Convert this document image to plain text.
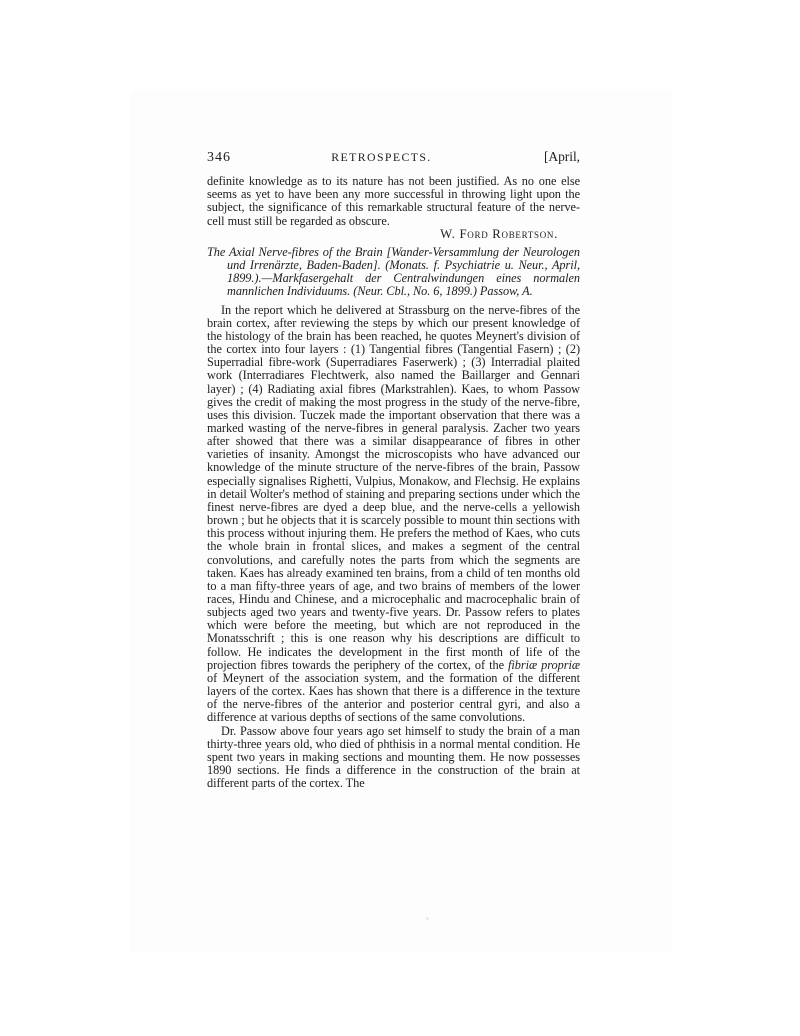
346	RETROSPECTS.	[April,

definite knowledge as to its nature has not been justified. As no one else seems as yet to have been any more successful in throwing light upon the subject, the significance of this remarkable structural feature of the nerve-cell must still be regarded as obscure.

W. Ford Robertson.

The Axial Nerve-fibres of the Brain [Wander-Versammlung der Neurologen und Irrenärzte, Baden-Baden]. (Monats. f. Psychiatrie u. Neur., April, 1899.).—Markfasergehalt der Centralwindungen eines normalen mannlichen Individuums. (Neur. Cbl., No. 6, 1899.) Passow, A.

In the report which he delivered at Strassburg on the nerve-fibres of the brain cortex, after reviewing the steps by which our present knowledge of the histology of the brain has been reached, he quotes Meynert's division of the cortex into four layers : (1) Tangential fibres (Tangential Fasern) ; (2) Superradial fibre-work (Superradiares Faserwerk) ; (3) Interradial plaited work (Interradiares Flechtwerk, also named the Baillarger and Gennari layer) ; (4) Radiating axial fibres (Markstrahlen). Kaes, to whom Passow gives the credit of making the most progress in the study of the nerve-fibre, uses this division. Tuczek made the important observation that there was a marked wasting of the nerve-fibres in general paralysis. Zacher two years after showed that there was a similar disappearance of fibres in other varieties of insanity. Amongst the microscopists who have advanced our knowledge of the minute structure of the nerve-fibres of the brain, Passow especially signalises Righetti, Vulpius, Monakow, and Flechsig. He explains in detail Wolter's method of staining and preparing sections under which the finest nerve-fibres are dyed a deep blue, and the nerve-cells a yellowish brown ; but he objects that it is scarcely possible to mount thin sections with this process without injuring them. He prefers the method of Kaes, who cuts the whole brain in frontal slices, and makes a segment of the central convolutions, and carefully notes the parts from which the segments are taken. Kaes has already examined ten brains, from a child of ten months old to a man fifty-three years of age, and two brains of members of the lower races, Hindu and Chinese, and a microcephalic and macrocephalic brain of subjects aged two years and twenty-five years. Dr. Passow refers to plates which were before the meeting, but which are not reproduced in the Monatsschrift ; this is one reason why his descriptions are difficult to follow. He indicates the development in the first month of life of the projection fibres towards the periphery of the cortex, of the fibriæ propriæ of Meynert of the association system, and the formation of the different layers of the cortex. Kaes has shown that there is a difference in the texture of the nerve-fibres of the anterior and posterior central gyri, and also a difference at various depths of sections of the same convolutions.

Dr. Passow above four years ago set himself to study the brain of a man thirty-three years old, who died of phthisis in a normal mental condition. He spent two years in making sections and mounting them. He now possesses 1890 sections. He finds a difference in the construction of the brain at different parts of the cortex. The
